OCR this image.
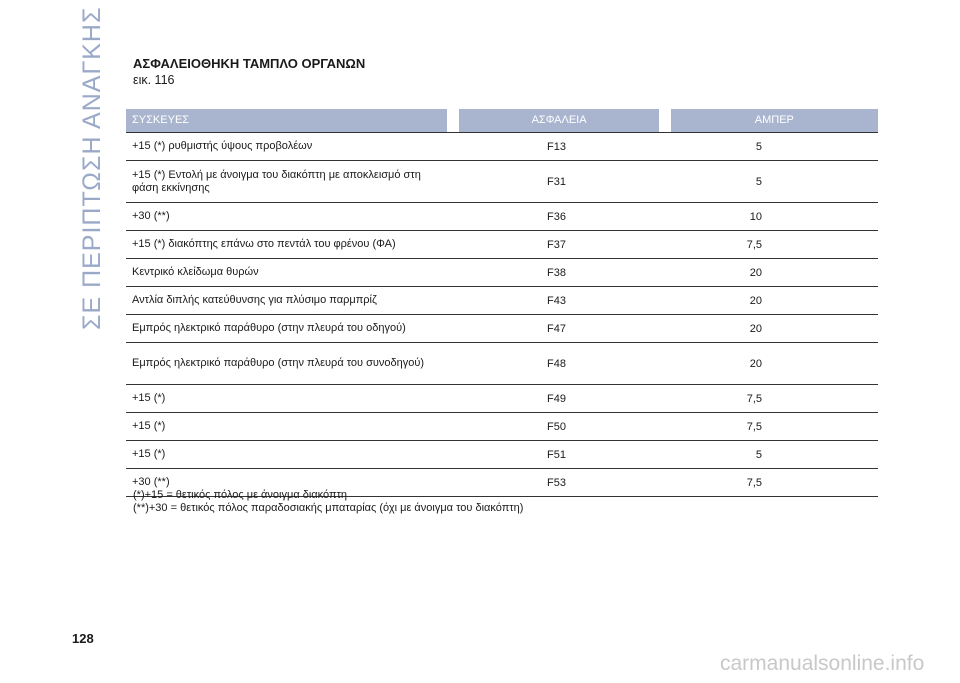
ΣΕ ΠΕΡΙΠΤΩΣΗ ΑΝΑΓΚΗΣ	ΑΣΦΑΛΕΙΟΘΗΚΗ ΤΑΜΠΛΟ ΟΡΓΑΝΩΝ
εικ. 116
ΣΥΣΚΕΥΕΣ	ΑΣΦΑΛΕΙΑ	ΑΜΠΕΡ
+15 (*) ρυθμιστής ύψους προβολέων	F13	5
+15 (*) Εντολή με άνοιγμα του διακόπτη με αποκλεισμό στη φάση εκκίνησης	F31	5
+30 (**)	F36	10
+15 (*) διακόπτης επάνω στο πεντάλ του φρένου (ΦΑ)	F37	7,5
Κεντρικό κλείδωμα θυρών	F38	20
Αντλία διπλής κατεύθυνσης για πλύσιμο παρμπρίζ	F43	20
Εμπρός ηλεκτρικό παράθυρο (στην πλευρά του οδηγού)	F47	20
Εμπρός ηλεκτρικό παράθυρο (στην πλευρά του συνοδηγού)	F48	20
+15 (*)	F49	7,5
+15 (*)	F50	7,5
+15 (*)	F51	5
+30 (**)	F53	7,5
(*)+15 = θετικός πόλος με άνοιγμα διακόπτη
(**)+30 = θετικός πόλος παραδοσιακής μπαταρίας (όχι με άνοιγμα του διακόπτη)
128
carmanualsonline.info
